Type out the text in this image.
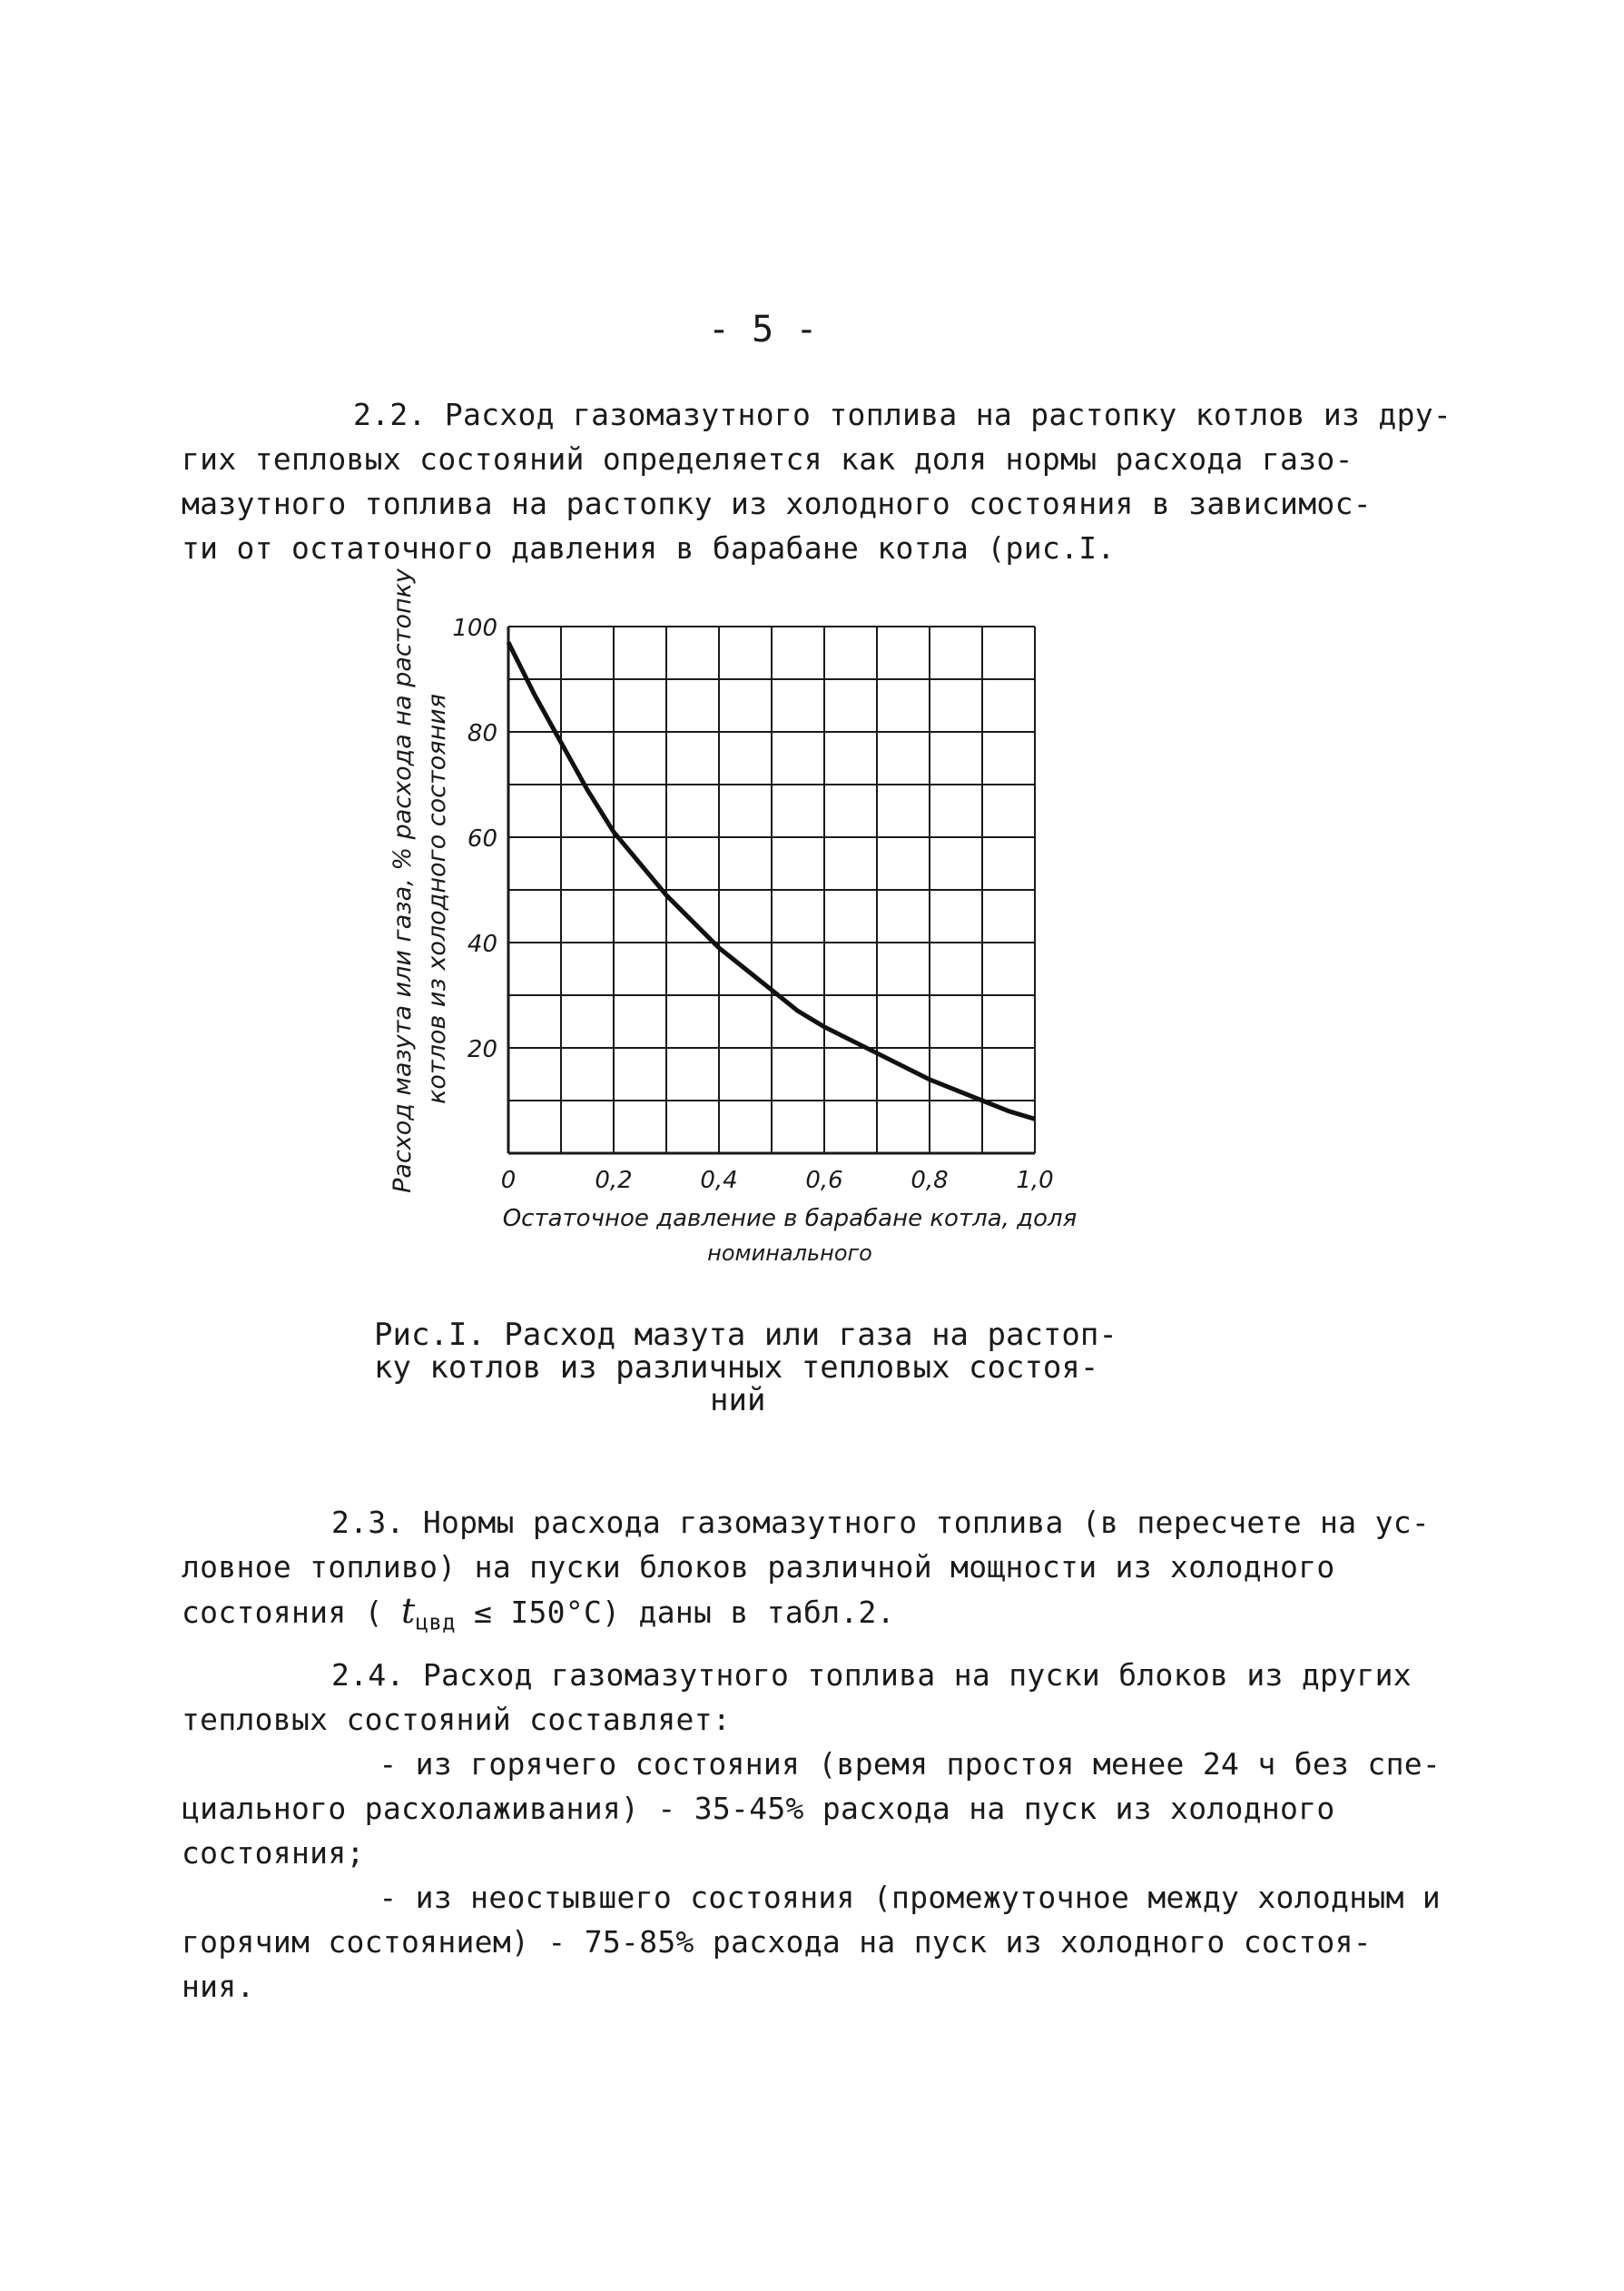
- 5 -

2.2. Расход газомазутного топлива на растопку котлов из дру-

гих тепловых состояний определяется как доля нормы расхода газо-

мазутного топлива на растопку из холодного состояния в зависимос-

ти от остаточного давления в барабане котла (рис.I.

20
40
60
80
100
0	0,2	0,4	0,6	0,8	1,0
Остаточное давление в барабане котла, доля
номинального
Расход мазута или газа, % расхода на растопку котлов из холодного состояния

Рис.I. Расход мазута или газа на растоп-

ку котлов из различных тепловых состоя-

ний

2.3. Нормы расхода газомазутного топлива (в пересчете на ус-

ловное топливо) на пуски блоков различной мощности из холодного

cостояния ( $t_{цвд} \le I50^\circ C$) даны в табл.2.

2.4. Расход газомазутного топлива на пуски блоков из других

тепловых состояний составляет:

- из горячего состояния (время простоя менее 24 ч без спе-

циального расхолаживания) - 35-45% расхода на пуск из холодного

состояния;

- из неостывшего состояния (промежуточное между холодным и

горячим состоянием) - 75-85% расхода на пуск из холодного состоя-

ния.
